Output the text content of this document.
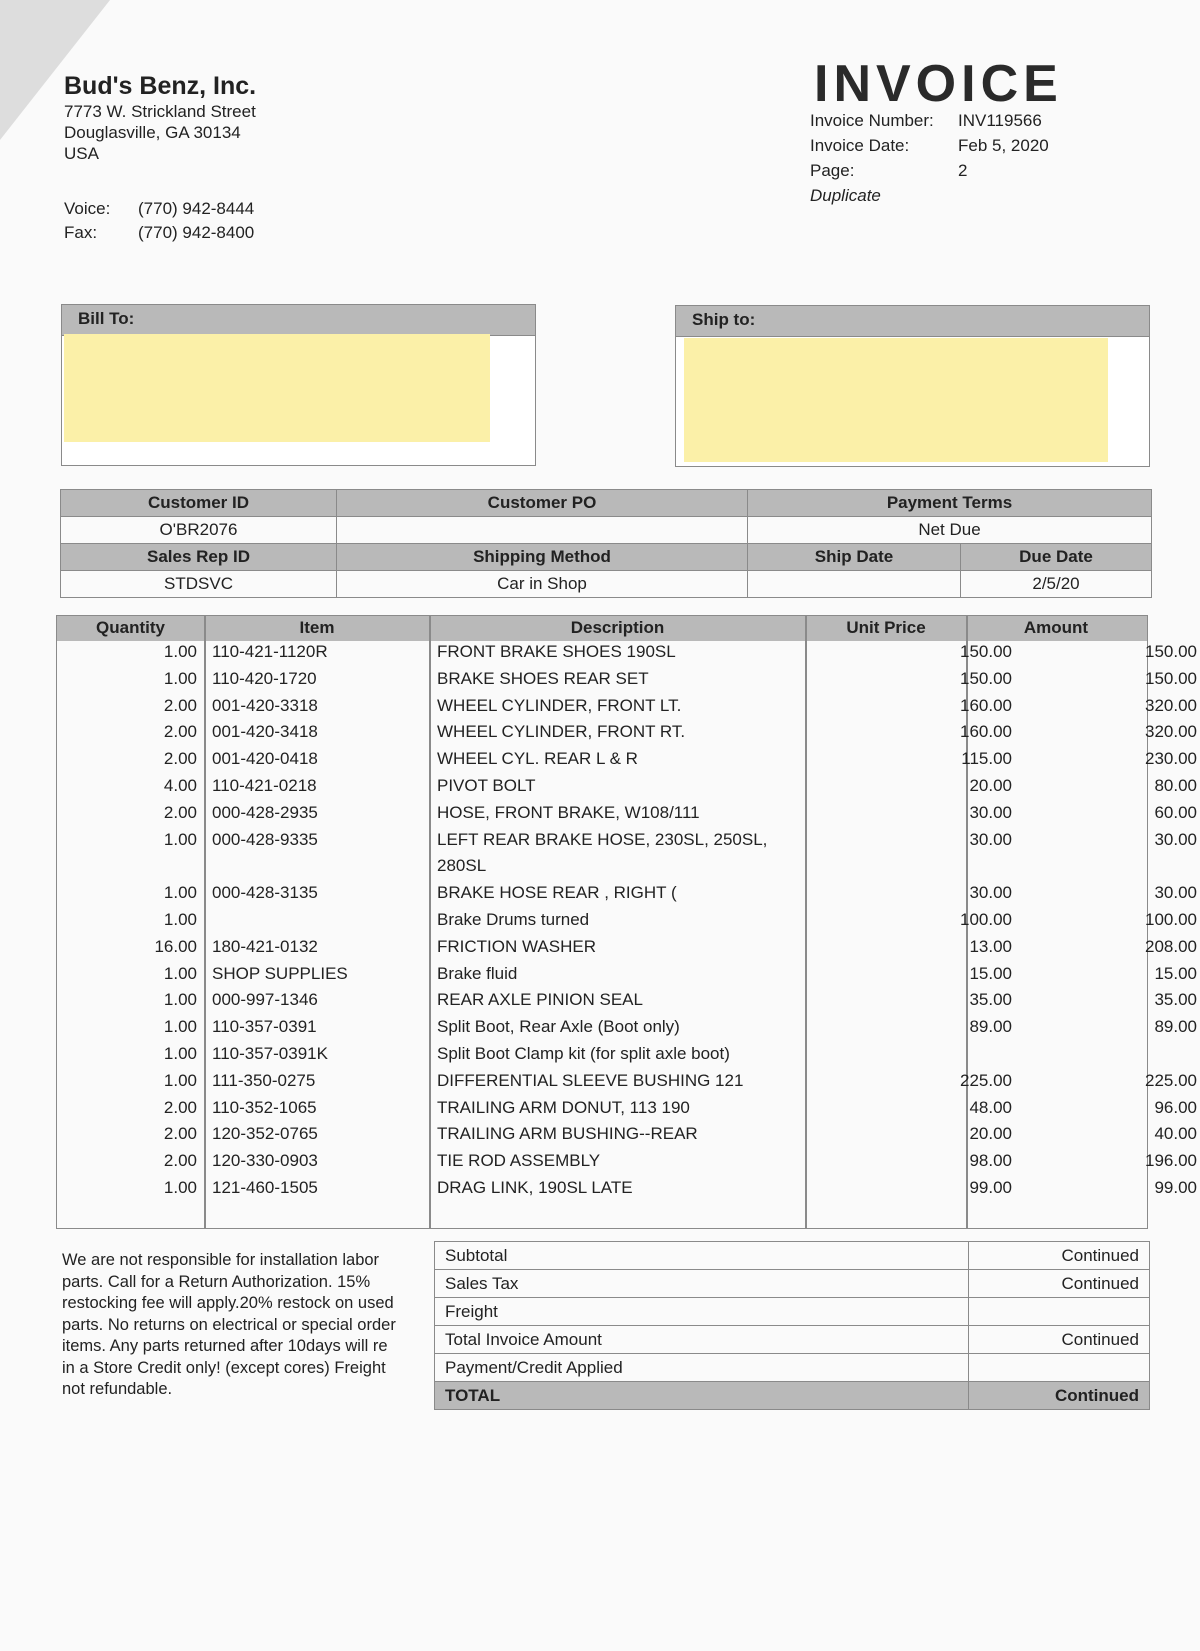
Bud's Benz, Inc.
7773 W. Strickland Street
Douglasville, GA 30134
USA
Voice: (770) 942-8444
Fax: (770) 942-8400
INVOICE
Invoice Number: INV119566
Invoice Date:	Feb 5, 2020
Page:	2
Duplicate
Bill To:	Ship to:
Customer ID	Customer PO	Payment Terms	
O'BR2076		Net Due	
Sales Rep ID	Shipping Method	Ship Date	Due Date
STDSVC	Car in Shop		2/5/20
Quantity	Item	Description	Unit Price	Amount
1.00 110-421-1120R	FRONT BRAKE SHOES 190SL	150.00	150.00
1.00 110-420-1720	BRAKE SHOES REAR SET	150.00	150.00
2.00 001-420-3318	WHEEL CYLINDER, FRONT LT.	160.00	320.00
2.00 001-420-3418	WHEEL CYLINDER, FRONT RT.	160.00	320.00
2.00 001-420-0418	WHEEL CYL. REAR L & R	115.00	230.00
4.00 110-421-0218	PIVOT BOLT	20.00	80.00
2.00 000-428-2935	HOSE, FRONT BRAKE, W108/111	30.00	60.00
1.00 000-428-9335	LEFT REAR BRAKE HOSE, 230SL, 250SL,	30.00	30.00
280SL
1.00 000-428-3135	BRAKE HOSE REAR , RIGHT (	30.00	30.00
1.00	Brake Drums turned	100.00	100.00
16.00 180-421-0132	FRICTION WASHER	13.00	208.00
1.00 SHOP SUPPLIES	Brake fluid	15.00	15.00
1.00 000-997-1346	REAR AXLE PINION SEAL	35.00	35.00
1.00 110-357-0391	Split Boot, Rear Axle (Boot only)	89.00	89.00
1.00 110-357-0391K	Split Boot Clamp kit (for split axle boot)
1.00 111-350-0275	DIFFERENTIAL SLEEVE BUSHING 121	225.00	225.00
2.00 110-352-1065	TRAILING ARM DONUT, 113 190	48.00	96.00
2.00 120-352-0765	TRAILING ARM BUSHING--REAR	20.00	40.00
2.00 120-330-0903	TIE ROD ASSEMBLY	98.00	196.00
1.00 121-460-1505	DRAG LINK, 190SL LATE	99.00	99.00
We are not responsible for installation labor
parts. Call for a Return Authorization. 15%
restocking fee will apply.20% restock on used
parts. No returns on electrical or special order
items. Any parts returned after 10days will re
in a Store Credit only! (except cores) Freight
not refundable.
Subtotal	Continued
Sales Tax	Continued
Freight	
Total Invoice Amount	Continued
Payment/Credit Applied	
TOTAL	Continued
